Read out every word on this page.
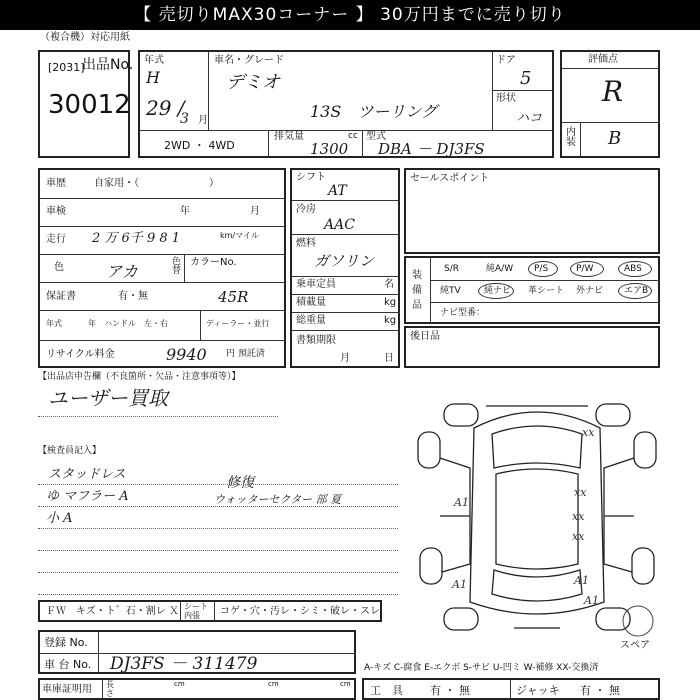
【 売切りMAX30コーナー 】 30万円までに売り切り
（複合機）対応用紙
出品No.
[2031]
30012
年式
H
29 /
3 月
車名・グレード
デミオ
13S　ツーリング
ドア
5
形状
ハコ
2WD ・ 4WD
排気量	cc
1300
型式
DBA － DJ3FS
評価点
R
内装 B
車歴	自家用・（　　　　　　　）
車検	年	月
走行 2 万 6千 9 8 1	km/マイル
色	アカ	色替
カラーNo.
45R
保証書	有・無
年式	年　ハンドル　左・右	ディーラー・並行
リサイクル料金	9940 円 預託済
シフト
AT
冷房
AAC
燃料
ガソリン
乗車定員	名
積載量	kg
総重量	kg
書類期限
月	日
セールスポイント
装備品
S/R	純A/W P/S	P/W	ABS
純TV	純ナビ 革シート 外ナビ エアB
ナビ型番：
後日品
【出品店申告欄（不良箇所・欠品・注意事項等）】
ユーザー買取
【検査員記入】
スタッドレス
ゆ マフラー A
小 A
修復
ウォッターセクター 部 夏
xx
xx
xx
xx
A1
A1	A1
A1
スペア
ＦＷ　キズ・ト゛石・割レ Ｘ シート内張	コゲ・穴・汚レ・シミ・破レ・スレ
登録 No.
車 台 No. DJ3FS － 311479	A-キズ C-腐食 E-エクボ S-サビ U-凹ミ W-補修 XX-交換済
車庫証明用 長さ
cm	cm	cm 工　具 有 ・ 無	ジャッキ 有 ・ 無
